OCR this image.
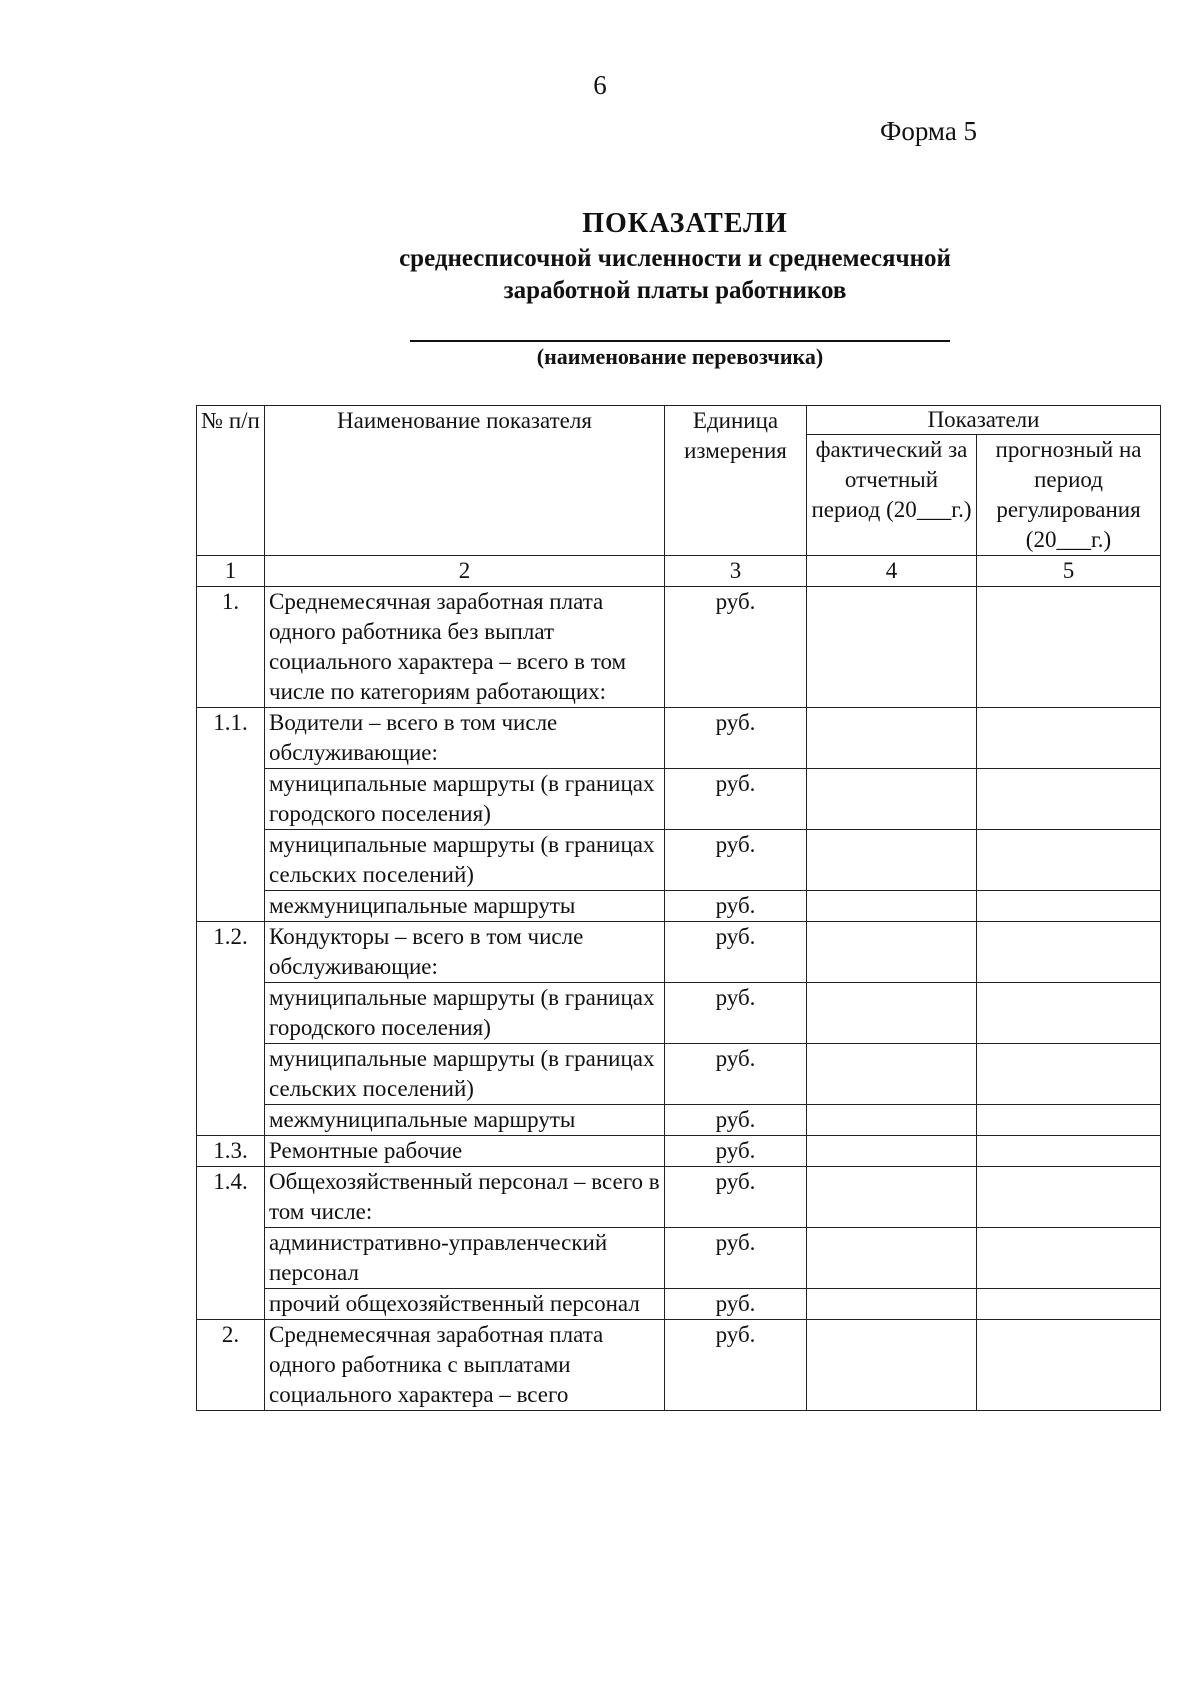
6
Форма 5
ПОКАЗАТЕЛИ
среднесписочной численности и среднемесячной
заработной платы работников
(наименование перевозчика)
№ п/п	Наименование показателя	Единица измерения	Показатели	
			фактический за отчетный период (20___г.)	прогнозный на период регулирования (20___г.)
1	2	3	4	5
1.	Среднемесячная заработная плата одного работника без выплат социального характера – всего в том числе по категориям работающих:	руб.		
1.1.	Водители – всего в том числе обслуживающие:	руб.		
	муниципальные маршруты (в границах городского поселения)	руб.		
	муниципальные маршруты (в границах сельских поселений)	руб.		
	межмуниципальные маршруты	руб.		
1.2.	Кондукторы – всего в том числе обслуживающие:	руб.		
	муниципальные маршруты (в границах городского поселения)	руб.		
	муниципальные маршруты (в границах сельских поселений)	руб.		
	межмуниципальные маршруты	руб.		
1.3.	Ремонтные рабочие	руб.		
1.4.	Общехозяйственный персонал – всего в том числе:	руб.		
	административно-управленческий персонал	руб.		
	прочий общехозяйственный персонал	руб.		
2.	Среднемесячная заработная плата одного работника с выплатами социального характера – всего	руб.		
